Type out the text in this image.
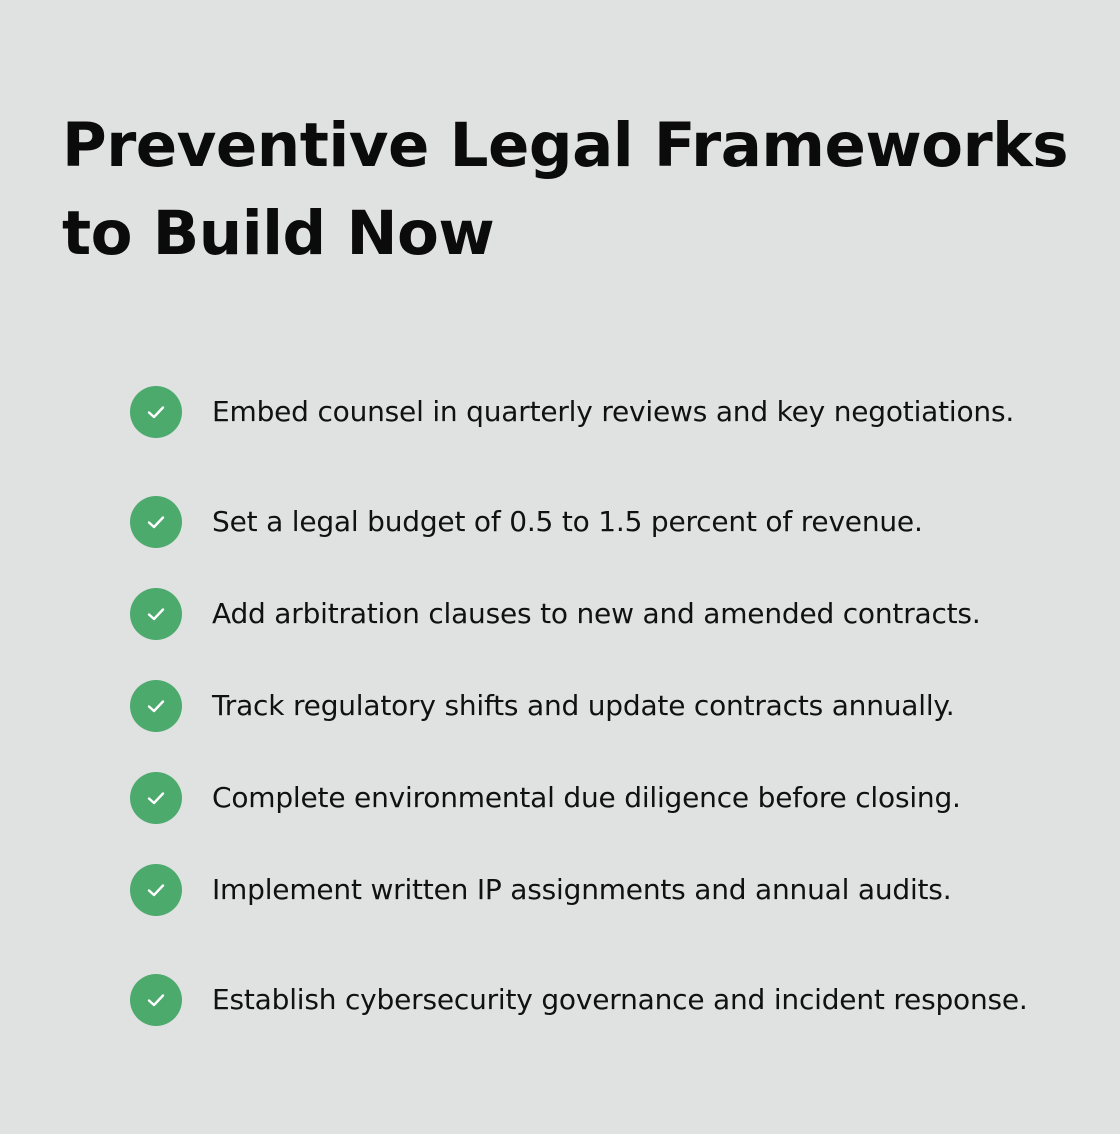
Preventive Legal Frameworks to Build Now
Embed counsel in quarterly reviews and key negotiations.
Set a legal budget of 0.5 to 1.5 percent of revenue.
Add arbitration clauses to new and amended contracts.
Track regulatory shifts and update contracts annually.
Complete environmental due diligence before closing.
Implement written IP assignments and annual audits.
Establish cybersecurity governance and incident response.
